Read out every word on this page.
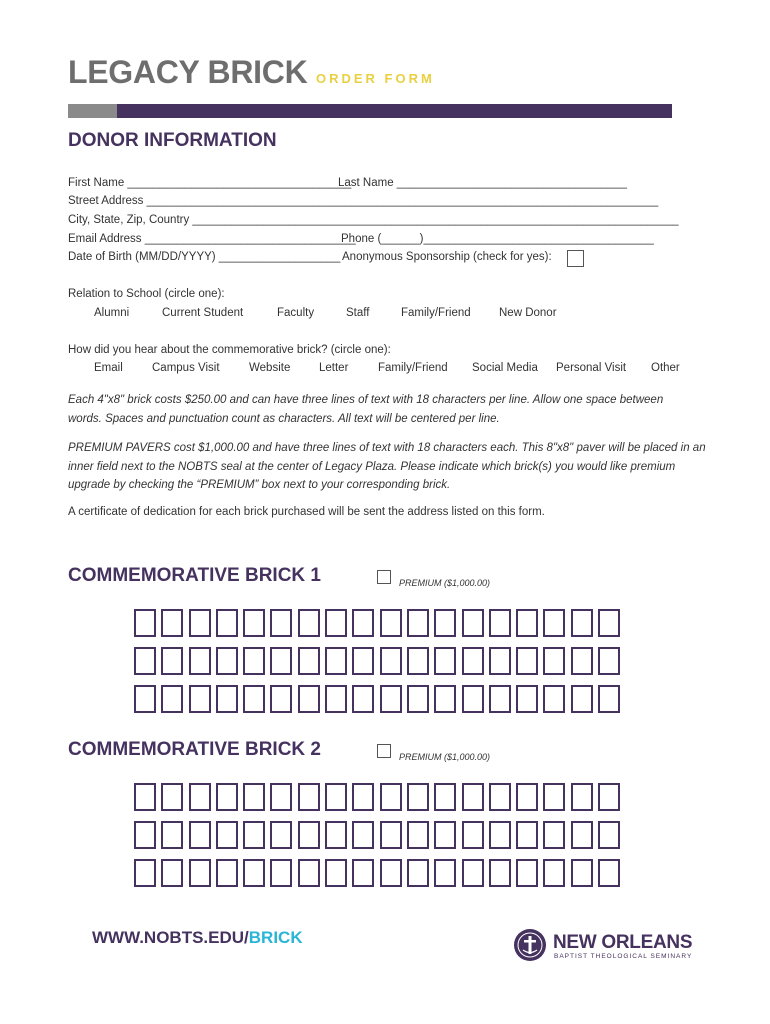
LEGACY BRICK ORDER FORM
DONOR INFORMATION
First Name ___________________________________
Last Name ____________________________________
Street Address ________________________________________________________________________________
City, State, Zip, Country ____________________________________________________________________________
Email Address _________________________________
Phone (______)____________________________________
Date of Birth (MM/DD/YYYY) ___________________ Anonymous Sponsorship (check for yes):
Relation to School (circle one):
Alumni	Current Student	Faculty	Staff	Family/Friend New Donor
How did you hear about the commemorative brick? (circle one):
Email	Campus Visit	Website Letter	Family/Friend Social Media Personal Visit Other
Each 4"x8" brick costs $250.00 and can have three lines of text with 18 characters per line. Allow one space between words. Spaces and punctuation count as characters. All text will be centered per line.
PREMIUM PAVERS cost $1,000.00 and have three lines of text with 18 characters each. This 8"x8" paver will be placed in an inner field next to the NOBTS seal at the center of Legacy Plaza. Please indicate which brick(s) you would like premium upgrade by checking the “PREMIUM” box next to your corresponding brick.
A certificate of dedication for each brick purchased will be sent the address listed on this form.
COMMEMORATIVE BRICK 1	PREMIUM ($1,000.00)
COMMEMORATIVE BRICK 2	PREMIUM ($1,000.00)
WWW.NOBTS.EDU/BRICK	NEW ORLEANS
BAPTIST THEOLOGICAL SEMINARY
